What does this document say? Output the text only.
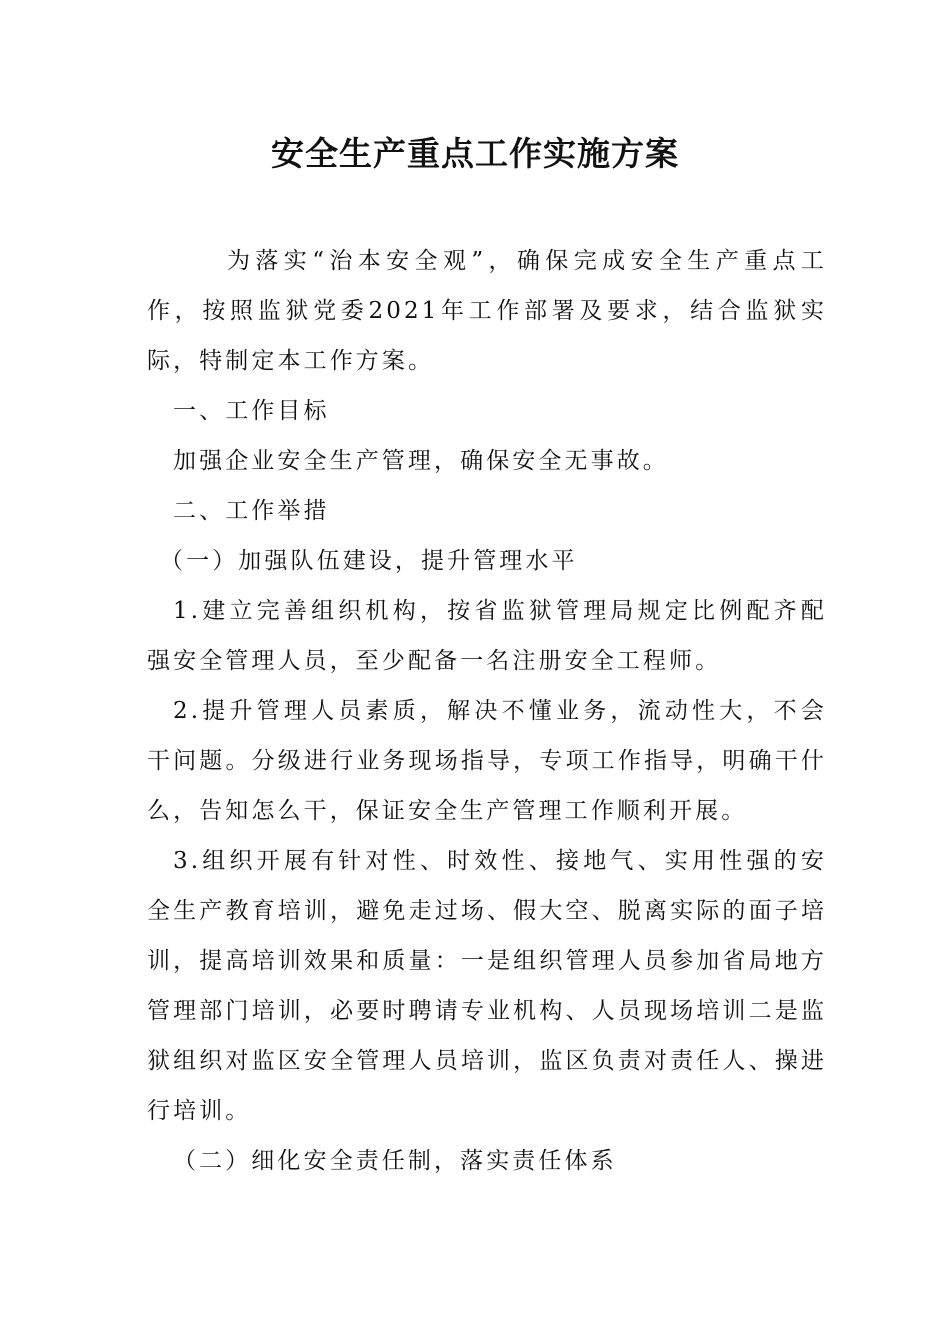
安全生产重点工作实施方案

为落实“治本安全观”，确保完成安全生产重点工作，按照监狱党委2021年工作部署及要求，结合监狱实际，特制定本工作方案。

一、工作目标

加强企业安全生产管理，确保安全无事故。

二、工作举措

（一）加强队伍建设，提升管理水平

1.建立完善组织机构，按省监狱管理局规定比例配齐配强安全管理人员，至少配备一名注册安全工程师。

2.提升管理人员素质，解决不懂业务，流动性大，不会干问题。分级进行业务现场指导，专项工作指导，明确干什么，告知怎么干，保证安全生产管理工作顺利开展。

3.组织开展有针对性、时效性、接地气、实用性强的安全生产教育培训，避免走过场、假大空、脱离实际的面子培训，提高培训效果和质量：一是组织管理人员参加省局地方管理部门培训，必要时聘请专业机构、人员现场培训二是监狱组织对监区安全管理人员培训，监区负责对责任人、操进行培训。

（二）细化安全责任制，落实责任体系
